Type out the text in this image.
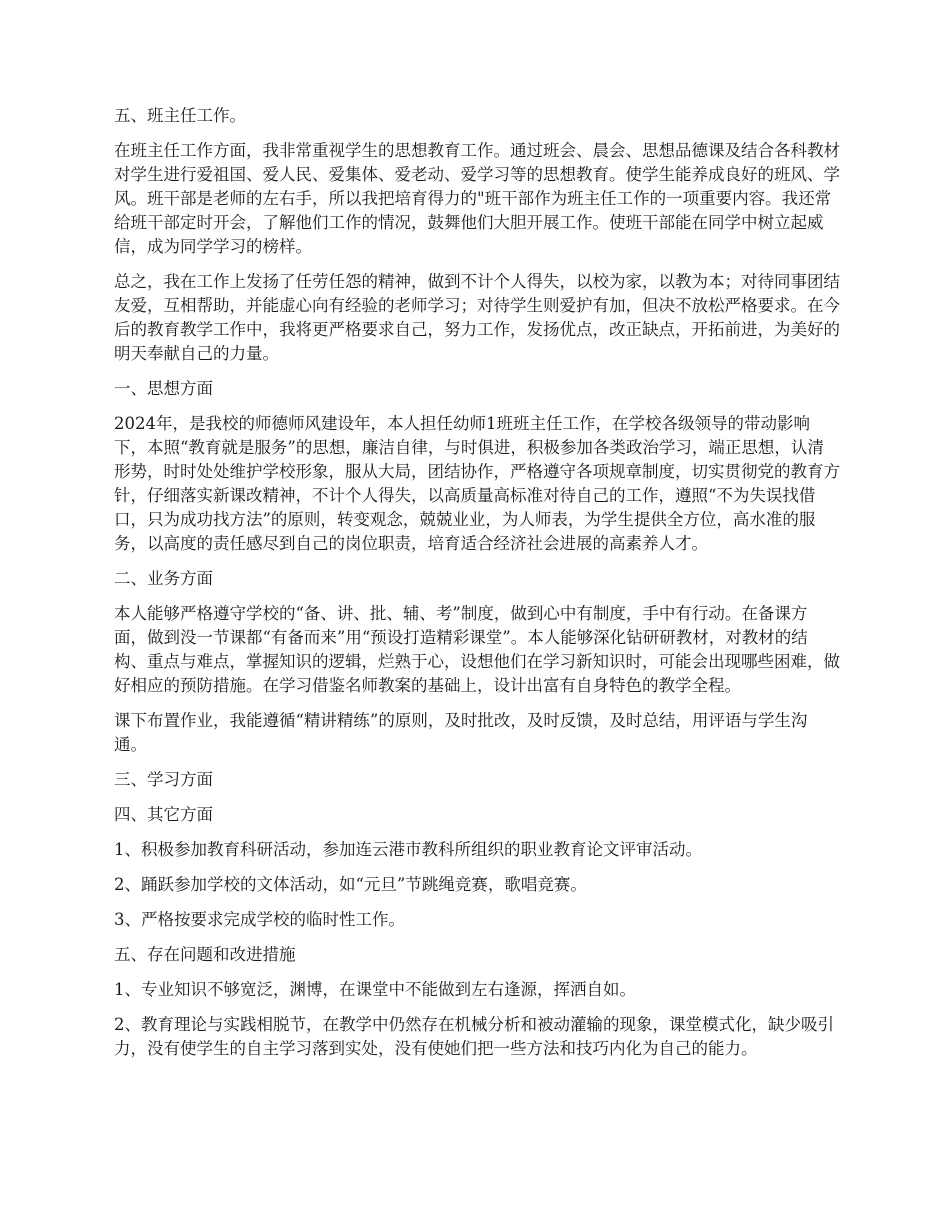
五、班主任工作。

在班主任工作方面，我非常重视学生的思想教育工作。通过班会、晨会、思想品德课及结合各科教材对学生进行爱祖国、爱人民、爱集体、爱老动、爱学习等的思想教育。使学生能养成良好的班风、学风。班干部是老师的左右手，所以我把培育得力的"班干部作为班主任工作的一项重要内容。我还常给班干部定时开会，了解他们工作的情况，鼓舞他们大胆开展工作。使班干部能在同学中树立起威信，成为同学学习的榜样。

总之，我在工作上发扬了任劳任怨的精神，做到不计个人得失，以校为家，以教为本；对待同事团结友爱，互相帮助，并能虚心向有经验的老师学习；对待学生则爱护有加，但决不放松严格要求。在今后的教育教学工作中，我将更严格要求自己，努力工作，发扬优点，改正缺点，开拓前进，为美好的明天奉献自己的力量。

一、思想方面

2024年，是我校的师德师风建设年，本人担任幼师1班班主任工作，在学校各级领导的带动影响下，本照“教育就是服务”的思想，廉洁自律，与时俱进，积极参加各类政治学习，端正思想，认清形势，时时处处维护学校形象，服从大局，团结协作，严格遵守各项规章制度，切实贯彻党的教育方针，仔细落实新课改精神，不计个人得失，以高质量高标准对待自己的工作，遵照“不为失误找借口，只为成功找方法”的原则，转变观念，兢兢业业，为人师表，为学生提供全方位，高水准的服务，以高度的责任感尽到自己的岗位职责，培育适合经济社会进展的高素养人才。

二、业务方面

本人能够严格遵守学校的“备、讲、批、辅、考”制度，做到心中有制度，手中有行动。在备课方面，做到没一节课都“有备而来”用“预设打造精彩课堂”。本人能够深化钻研研教材，对教材的结构、重点与难点，掌握知识的逻辑，烂熟于心，设想他们在学习新知识时，可能会出现哪些困难，做好相应的预防措施。在学习借鉴名师教案的基础上，设计出富有自身特色的教学全程。

课下布置作业，我能遵循“精讲精练”的原则，及时批改，及时反馈，及时总结，用评语与学生沟通。

三、学习方面

四、其它方面

1、积极参加教育科研活动，参加连云港市教科所组织的职业教育论文评审活动。

2、踊跃参加学校的文体活动，如“元旦”节跳绳竞赛，歌唱竞赛。

3、严格按要求完成学校的临时性工作。

五、存在问题和改进措施

1、专业知识不够宽泛，渊博，在课堂中不能做到左右逢源，挥洒自如。

2、教育理论与实践相脱节，在教学中仍然存在机械分析和被动灌输的现象，课堂模式化，缺少吸引力，没有使学生的自主学习落到实处，没有使她们把一些方法和技巧内化为自己的能力。
